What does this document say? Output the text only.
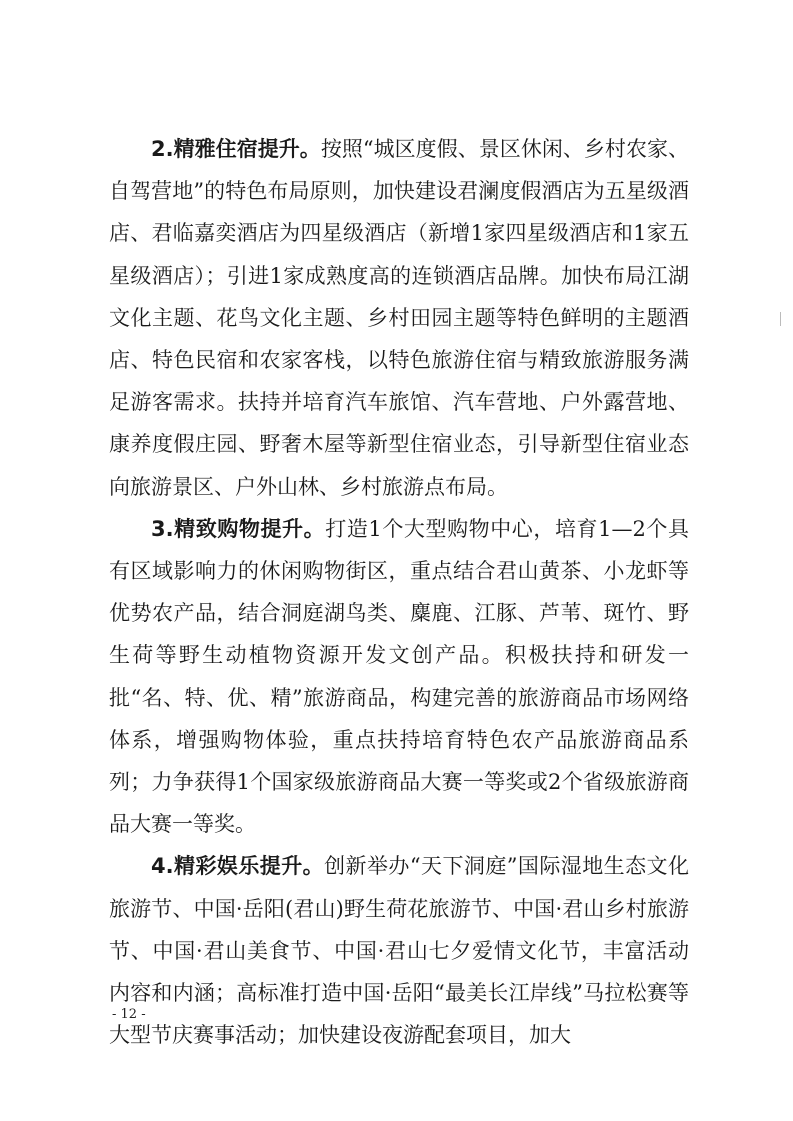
2.精雅住宿提升。按照“城区度假、景区休闲、乡村农家、自驾营地”的特色布局原则，加快建设君澜度假酒店为五星级酒店、君临嘉奕酒店为四星级酒店（新增1家四星级酒店和1家五星级酒店）；引进1家成熟度高的连锁酒店品牌。加快布局江湖文化主题、花鸟文化主题、乡村田园主题等特色鲜明的主题酒店、特色民宿和农家客栈，以特色旅游住宿与精致旅游服务满足游客需求。扶持并培育汽车旅馆、汽车营地、户外露营地、康养度假庄园、野奢木屋等新型住宿业态，引导新型住宿业态向旅游景区、户外山林、乡村旅游点布局。

3.精致购物提升。打造1个大型购物中心，培育1—2个具有区域影响力的休闲购物街区，重点结合君山黄茶、小龙虾等优势农产品，结合洞庭湖鸟类、麋鹿、江豚、芦苇、斑竹、野生荷等野生动植物资源开发文创产品。积极扶持和研发一批“名、特、优、精”旅游商品，构建完善的旅游商品市场网络体系，增强购物体验，重点扶持培育特色农产品旅游商品系列；力争获得1个国家级旅游商品大赛一等奖或2个省级旅游商品大赛一等奖。

4.精彩娱乐提升。创新举办“天下洞庭”国际湿地生态文化旅游节、中国·岳阳(君山)野生荷花旅游节、中国·君山乡村旅游节、中国·君山美食节、中国·君山七夕爱情文化节，丰富活动内容和内涵；高标准打造中国·岳阳“最美长江岸线”马拉松赛等大型节庆赛事活动；加快建设夜游配套项目，加大

- 12 -
